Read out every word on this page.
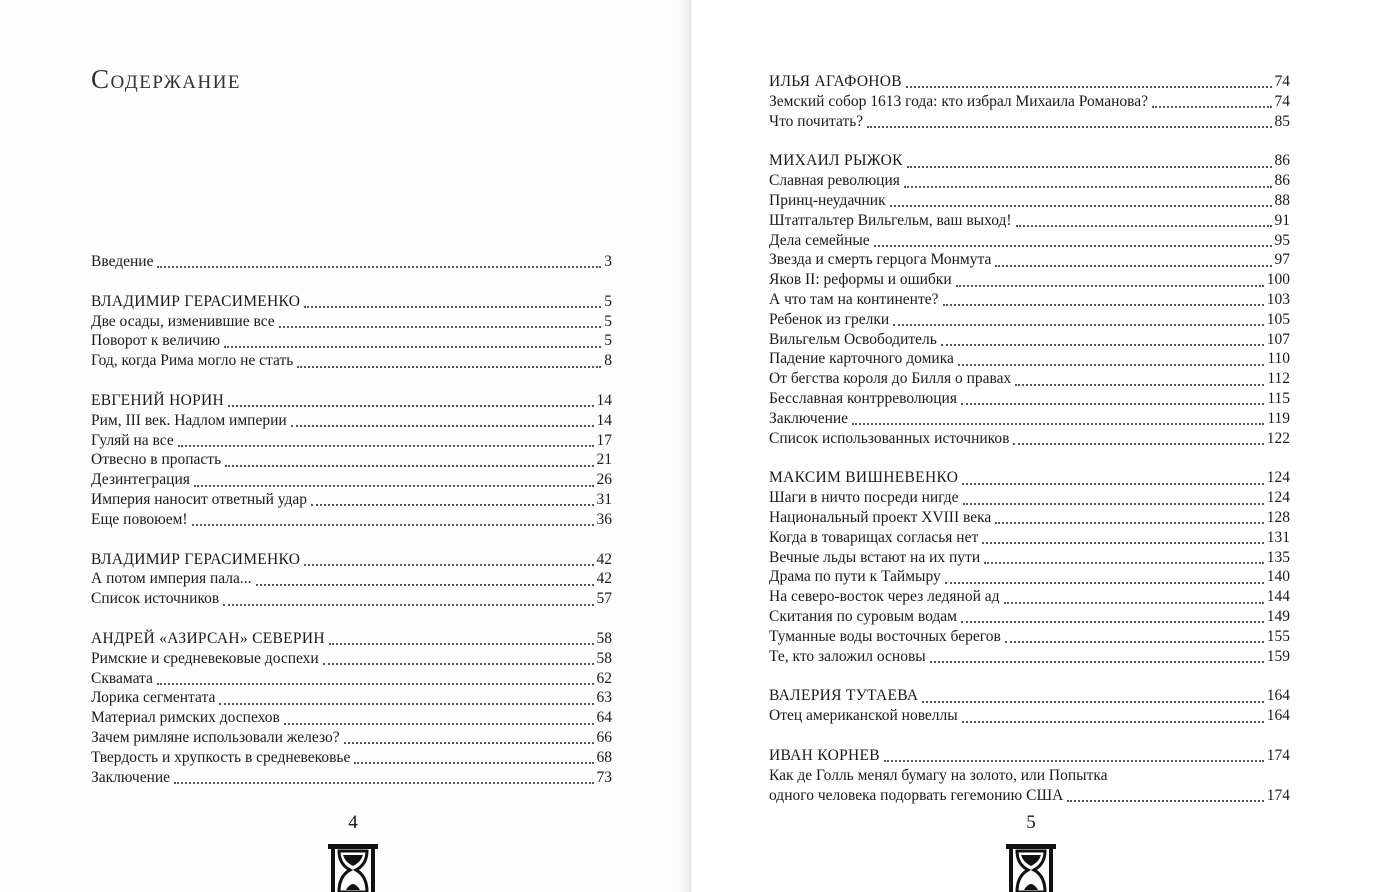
Содержание
Введение	3
ВЛАДИМИР ГЕРАСИМЕНКО	5
Две осады, изменившие все	5
Поворот к величию	5
Год, когда Рима могло не стать	8
ЕВГЕНИЙ НОРИН	14
Рим, III век. Надлом империи	14
Гуляй на все	17
Отвесно в пропасть	21
Дезинтеграция	26
Империя наносит ответный удар	31
Еще повоюем!	36
ВЛАДИМИР ГЕРАСИМЕНКО	42
А потом империя пала...	42
Список источников	57
АНДРЕЙ «АЗИРСАН» СЕВЕРИН	58
Римские и средневековые доспехи	58
Сквамата	62
Лорика сегментата	63
Материал римских доспехов	64
Зачем римляне использовали железо?	66
Твердость и хрупкость в средневековье	68
Заключение	73
4	5
ИЛЬЯ АГАФОНОВ	74
Земский собор 1613 года: кто избрал Михаила Романова?	74
Что почитать?	85
МИХАИЛ РЫЖОК	86
Славная революция	86
Принц-неудачник	88
Штатгальтер Вильгельм, ваш выход!	91
Дела семейные	95
Звезда и смерть герцога Монмута	97
Яков II: реформы и ошибки	100
А что там на континенте?	103
Ребенок из грелки	105
Вильгельм Освободитель	107
Падение карточного домика	110
От бегства короля до Билля о правах	112
Бесславная контрреволюция	115
Заключение	119
Список использованных источников	122
МАКСИМ ВИШНЕВЕНКО	124
Шаги в ничто посреди нигде	124
Национальный проект XVIII века	128
Когда в товарищах согласья нет	131
Вечные льды встают на их пути	135
Драма по пути к Таймыру	140
На северо-восток через ледяной ад	144
Скитания по суровым водам	149
Туманные воды восточных берегов	155
Те, кто заложил основы	159
ВАЛЕРИЯ ТУТАЕВА	164
Отец американской новеллы	164
ИВАН КОРНЕВ	174
Как де Голль менял бумагу на золото, или Попытка
одного человека подорвать гегемонию США	174
